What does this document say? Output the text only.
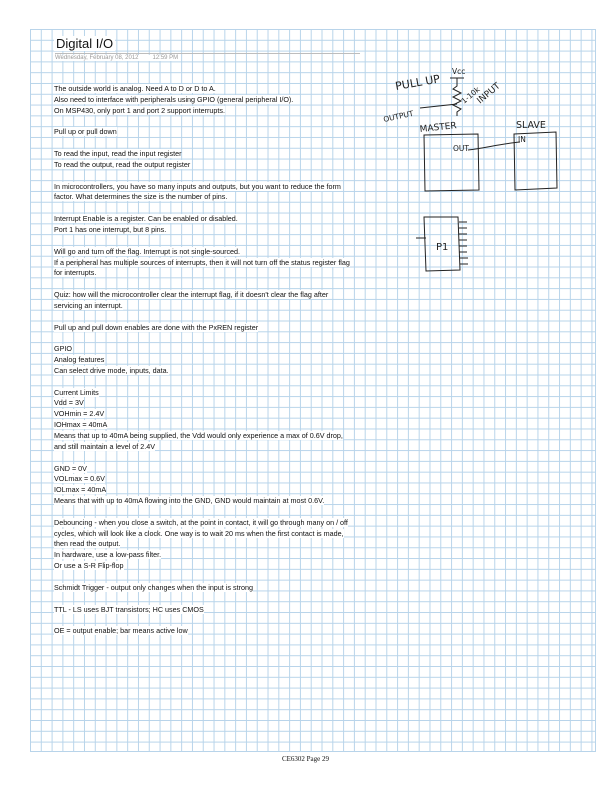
Digital I/O
Wednesday, February 08, 2012 12:59 PM
The outside world is analog. Need A to D or D to A.
Also need to interface with peripherals using GPIO (general peripheral I/O).
On MSP430, only port 1 and port 2 support interrupts.
Pull up or pull down
To read the input, read the input register
To read the output, read the output register
In microcontrollers, you have so many inputs and outputs, but you want to reduce the form
factor. What determines the size is the number of pins.
Interrupt Enable is a register. Can be enabled or disabled.
Port 1 has one interrupt, but 8 pins.
Will go and turn off the flag. Interrupt is not single-sourced.
If a peripheral has multiple sources of interrupts, then it will not turn off the status register flag
for interrupts.
Quiz: how will the microcontroller clear the interrupt flag, if it doesn't clear the flag after
servicing an interrupt.
Pull up and pull down enables are done with the PxREN register
GPIO
Analog features
Can select drive mode, inputs, data.
Current Limits
Vdd = 3V
VOHmin = 2.4V
IOHmax = 40mA
Means that up to 40mA being supplied, the Vdd would only experience a max of 0.6V drop,
and still maintain a level of 2.4V
GND = 0V
VOLmax = 0.6V
IOLmax = 40mA
Means that with up to 40mA flowing into the GND, GND would maintain at most 0.6V.
Debouncing - when you close a switch, at the point in contact, it will go through many on / off
cycles, which will look like a clock. One way is to wait 20 ms when the first contact is made,
then read the output.
In hardware, use a low-pass filter.
Or use a S-R Flip-flop
Schmidt Trigger - output only changes when the input is strong
TTL - LS uses BJT transistors; HC uses CMOS
OE = output enable; bar means active low
PULL UP
Vcc
1-10k
INPUT
OUTPUT
MASTER
OUT
SLAVE
IN
P1
CE6302 Page 29
